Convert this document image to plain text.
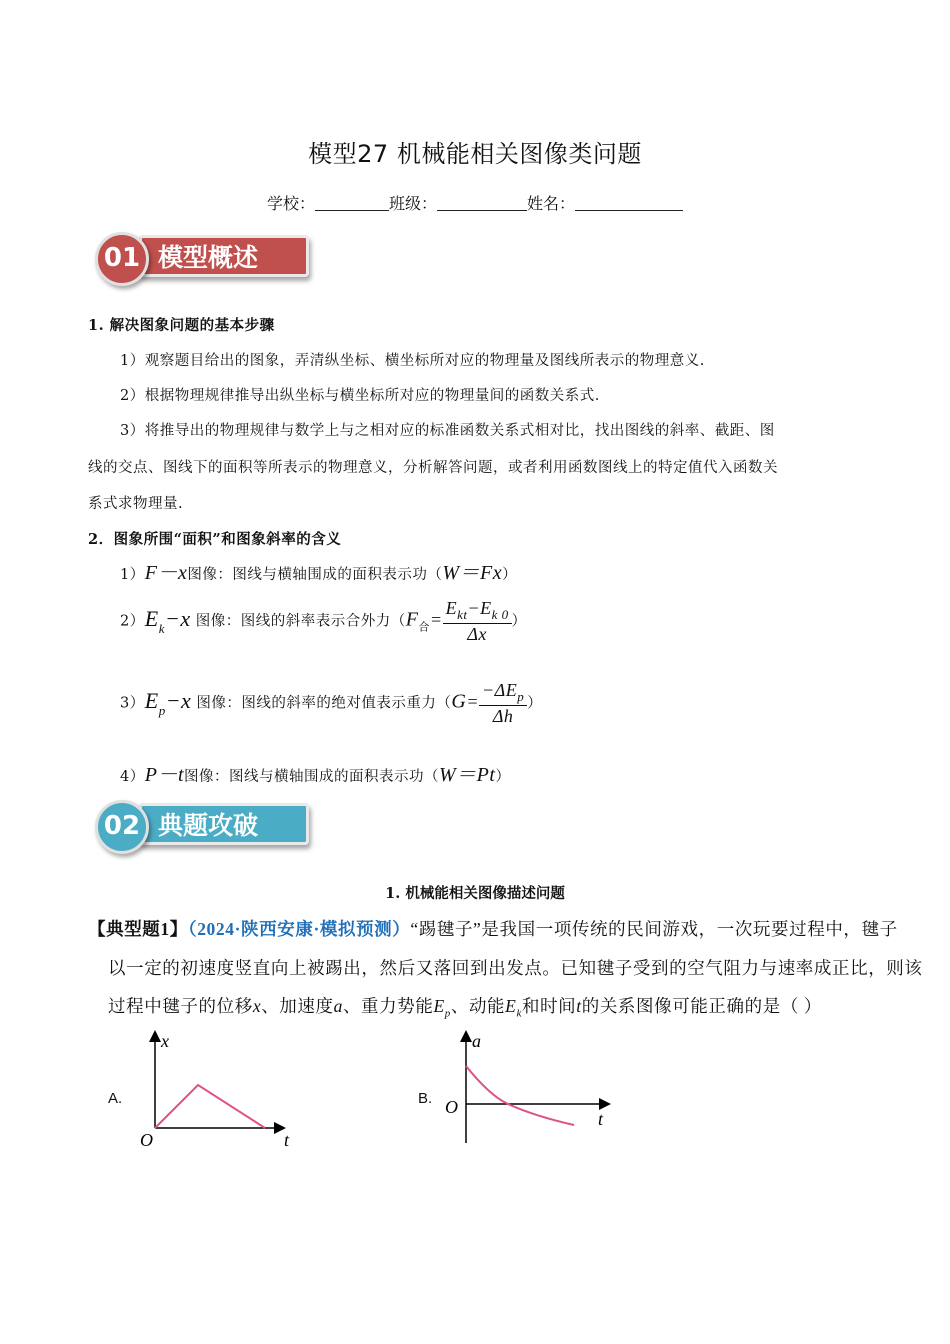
模型27 机械能相关图像类问题
学校：	班级：	姓名：
模型概述
01
1. 解决图象问题的基本步骤
1）观察题目给出的图象，弄清纵坐标、横坐标所对应的物理量及图线所表示的物理意义.
2）根据物理规律推导出纵坐标与横坐标所对应的物理量间的函数关系式.
3）将推导出的物理规律与数学上与之相对应的标准函数关系式相对比，找出图线的斜率、截距、图
线的交点、图线下的面积等所表示的物理意义，分析解答问题，或者利用函数图线上的特定值代入函数关
系式求物理量.
2．图象所围“面积”和图象斜率的含义
1）F－x图像：图线与横轴围成的面积表示功（W＝Fx）
$2)E_k-x$ 图像：图线的斜率表示合外力（$F_合= \frac{E_{kt}-E_{k 0}}{\Delta x}$ ）
$3)E_p-x$ 图像：图线的斜率的绝对值表示重力（$G= \frac{-\Delta E_p}{\Delta h}$ ）
4）P－t图像：图线与横轴围成的面积表示功（W＝Pt）
典题攻破
02
1. 机械能相关图像描述问题
【典型题1】（2024·陕西安康·模拟预测）“踢毽子”是我国一项传统的民间游戏，一次玩要过程中，毽子
以一定的初速度竖直向上被踢出，然后又落回到出发点。已知毽子受到的空气阻力与速率成正比，则该
过程中毽子的位移x、加速度a、重力势能$E_p$、动能$E_k$和时间t的关系图像可能正确的是（ ）
A.
x
t
O
B.
a
t
O
